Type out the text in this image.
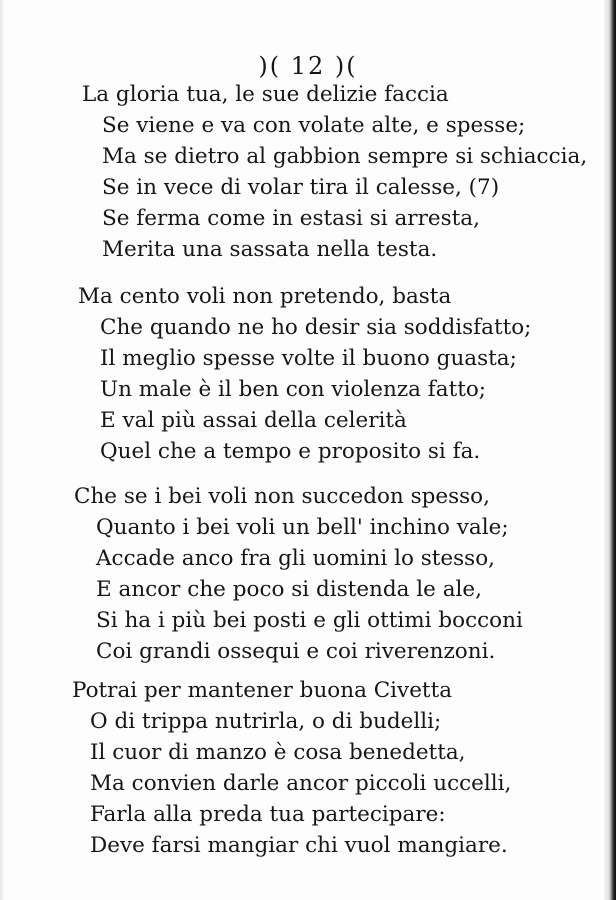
)( 12 )(
La gloria tua, le sue delizie faccia
Se viene e va con volate alte, e spesse;
Ma se dietro al gabbion sempre si schiaccia,
Se in vece di volar tira il calesse, (7)
Se ferma come in estasi si arresta,
Merita una sassata nella testa.
Ma cento voli non pretendo, basta
Che quando ne ho desir sia soddisfatto;
Il meglio spesse volte il buono guasta;
Un male è il ben con violenza fatto;
E val più assai della celerità
Quel che a tempo e proposito si fa.
Che se i bei voli non succedon spesso,
Quanto i bei voli un bell' inchino vale;
Accade anco fra gli uomini lo stesso,
E ancor che poco si distenda le ale,
Si ha i più bei posti e gli ottimi bocconi
Coi grandi ossequi e coi riverenzoni.
Potrai per mantener buona Civetta
O di trippa nutrirla, o di budelli;
Il cuor di manzo è cosa benedetta,
Ma convien darle ancor piccoli uccelli,
Farla alla preda tua partecipare:
Deve farsi mangiar chi vuol mangiare.
